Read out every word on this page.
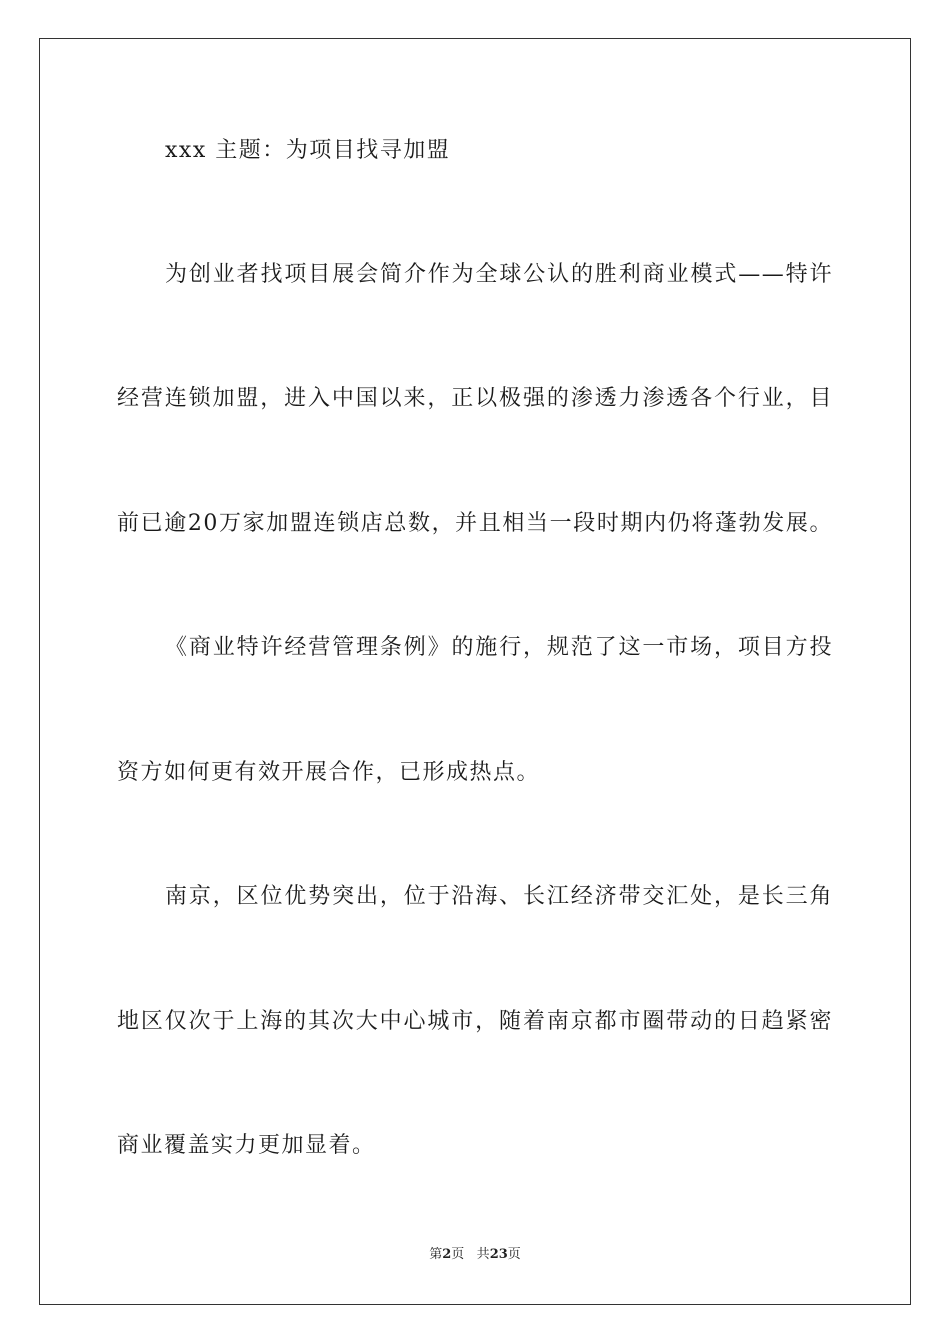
xxx 主题：为项目找寻加盟
为创业者找项目展会简介作为全球公认的胜利商业模式——特许
经营连锁加盟，进入中国以来，正以极强的渗透力渗透各个行业，目
前已逾20万家加盟连锁店总数，并且相当一段时期内仍将蓬勃发展。
《商业特许经营管理条例》的施行，规范了这一市场，项目方投
资方如何更有效开展合作，已形成热点。
南京，区位优势突出，位于沿海、长江经济带交汇处，是长三角
地区仅次于上海的其次大中心城市，随着南京都市圈带动的日趋紧密
商业覆盖实力更加显着。
第2页 共23页
